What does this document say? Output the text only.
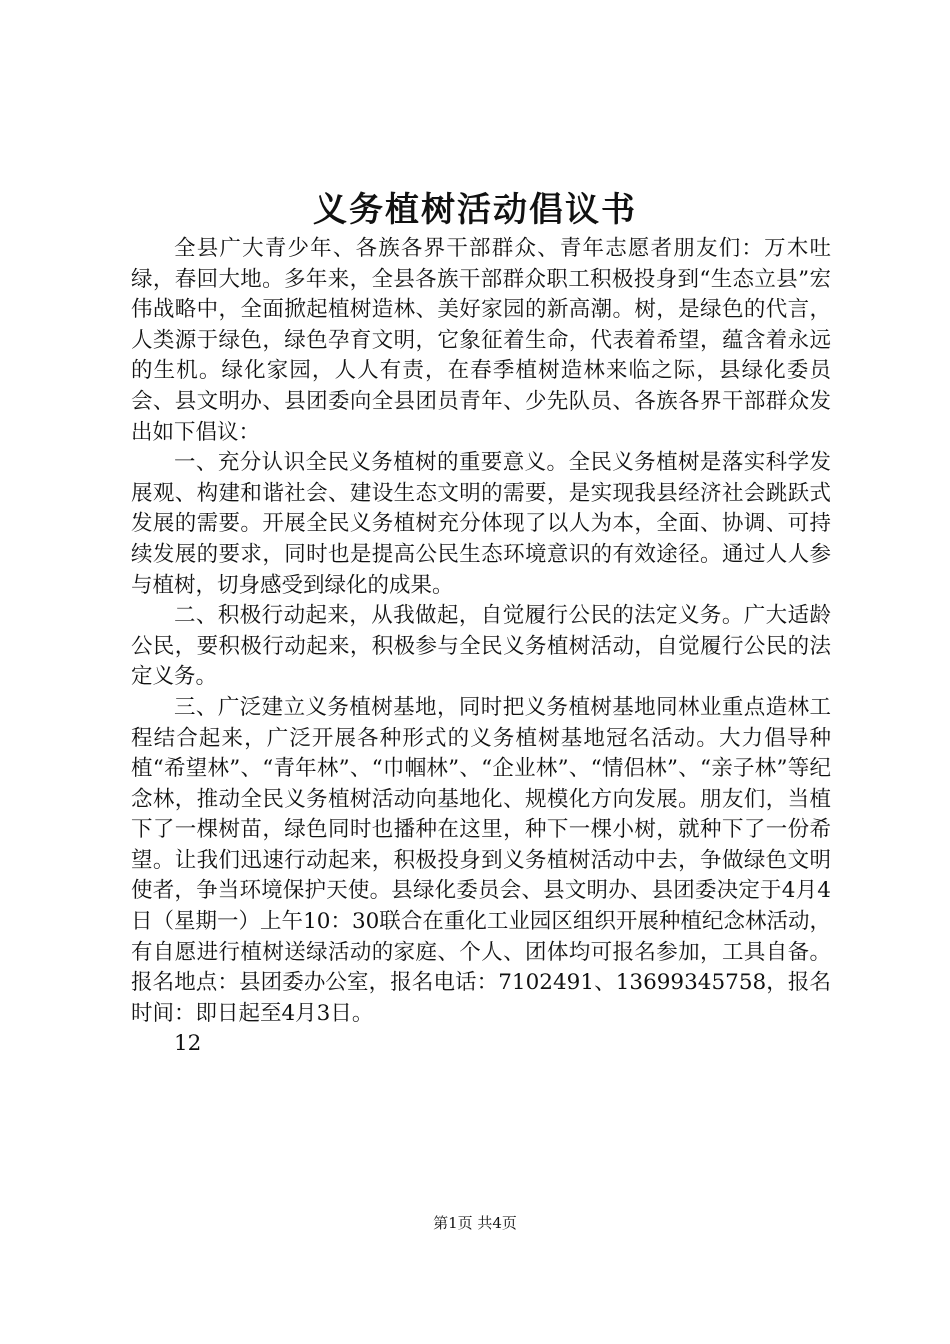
义务植树活动倡议书

全县广大青少年、各族各界干部群众、青年志愿者朋友们：万木吐绿，春回大地。多年来，全县各族干部群众职工积极投身到“生态立县”宏伟战略中，全面掀起植树造林、美好家园的新高潮。树，是绿色的代言，人类源于绿色，绿色孕育文明，它象征着生命，代表着希望，蕴含着永远的生机。绿化家园，人人有责，在春季植树造林来临之际，县绿化委员会、县文明办、县团委向全县团员青年、少先队员、各族各界干部群众发出如下倡议：

一、充分认识全民义务植树的重要意义。全民义务植树是落实科学发展观、构建和谐社会、建设生态文明的需要，是实现我县经济社会跳跃式发展的需要。开展全民义务植树充分体现了以人为本，全面、协调、可持续发展的要求，同时也是提高公民生态环境意识的有效途径。通过人人参与植树，切身感受到绿化的成果。

二、积极行动起来，从我做起，自觉履行公民的法定义务。广大适龄公民，要积极行动起来，积极参与全民义务植树活动，自觉履行公民的法定义务。

三、广泛建立义务植树基地，同时把义务植树基地同林业重点造林工程结合起来，广泛开展各种形式的义务植树基地冠名活动。大力倡导种植“希望林”、“青年林”、“巾帼林”、“企业林”、“情侣林”、“亲子林”等纪念林，推动全民义务植树活动向基地化、规模化方向发展。朋友们，当植下了一棵树苗，绿色同时也播种在这里，种下一棵小树，就种下了一份希望。让我们迅速行动起来，积极投身到义务植树活动中去，争做绿色文明使者，争当环境保护天使。县绿化委员会、县文明办、县团委决定于4月4日（星期一）上午10：30联合在重化工业园区组织开展种植纪念林活动，有自愿进行植树送绿活动的家庭、个人、团体均可报名参加，工具自备。报名地点：县团委办公室，报名电话：7102491、13699345758，报名时间：即日起至4月3日。

12

第1页 共4页
